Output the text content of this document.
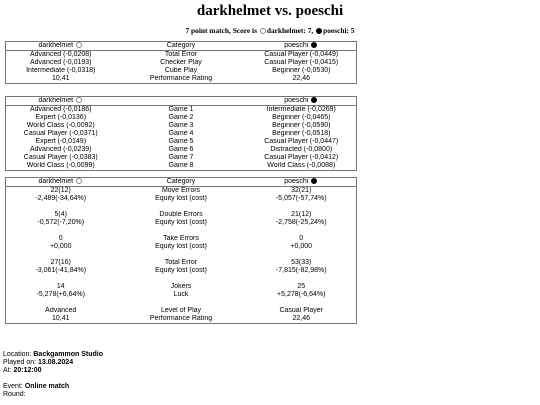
darkhelmet vs. poeschi
7 point match, Score is darkhelmet: 7, poeschi: 5
darkhelmet	Category	poeschi
Advanced (-0,0208)	Total Error	Casual Player (-0,0449)
Advanced (-0,0193)	Checker Play	Casual Player (-0,0415)
Intermediate (-0,0318)	Cube Play	Beginner (-0,0530)
10,41	Performance Rating	22,46
darkhelmet		poeschi
Advanced (-0,0186)	Game 1	Intermediate (-0,0269)
Expert (-0,0136)	Game 2	Beginner (-0,0465)
World Class (-0,0092)	Game 3	Beginner (-0,0590)
Casual Player (-0,0371)	Game 4	Beginner (-0,0518)
Expert (-0,0149)	Game 5	Casual Player (-0,0447)
Advanced (-0,0239)	Game 6	Distracted (-0,0800)
Casual Player (-0,0383)	Game 7	Casual Player (-0,0412)
World Class (-0,0099)	Game 8	World Class (-0,0088)
darkhelmet	Category	poeschi
22(12)	Move Errors	32(21)
-2,489(-34,64%)	Equity lost (cost)	-5,057(-57,74%)

5(4)	Double Errors	21(12)
-0,572(-7,20%)	Equity lost (cost)	-2,758(-25,24%)

0	Take Errors	0
+0,000	Equity lost (cost)	+0,000

27(16)	Total Error	53(33)
-3,061(-41,84%)	Equity lost (cost)	-7,815(-82,98%)

14	Jokers	25
-5,278(+6,64%)	Luck	+5,278(-6,64%)

Advanced	Level of Play	Casual Player
10,41	Performance Rating	22,46
Location: Backgammon Studio
Played on: 13.08.2024
At: 20:12:00
Event: Online match
Round:
